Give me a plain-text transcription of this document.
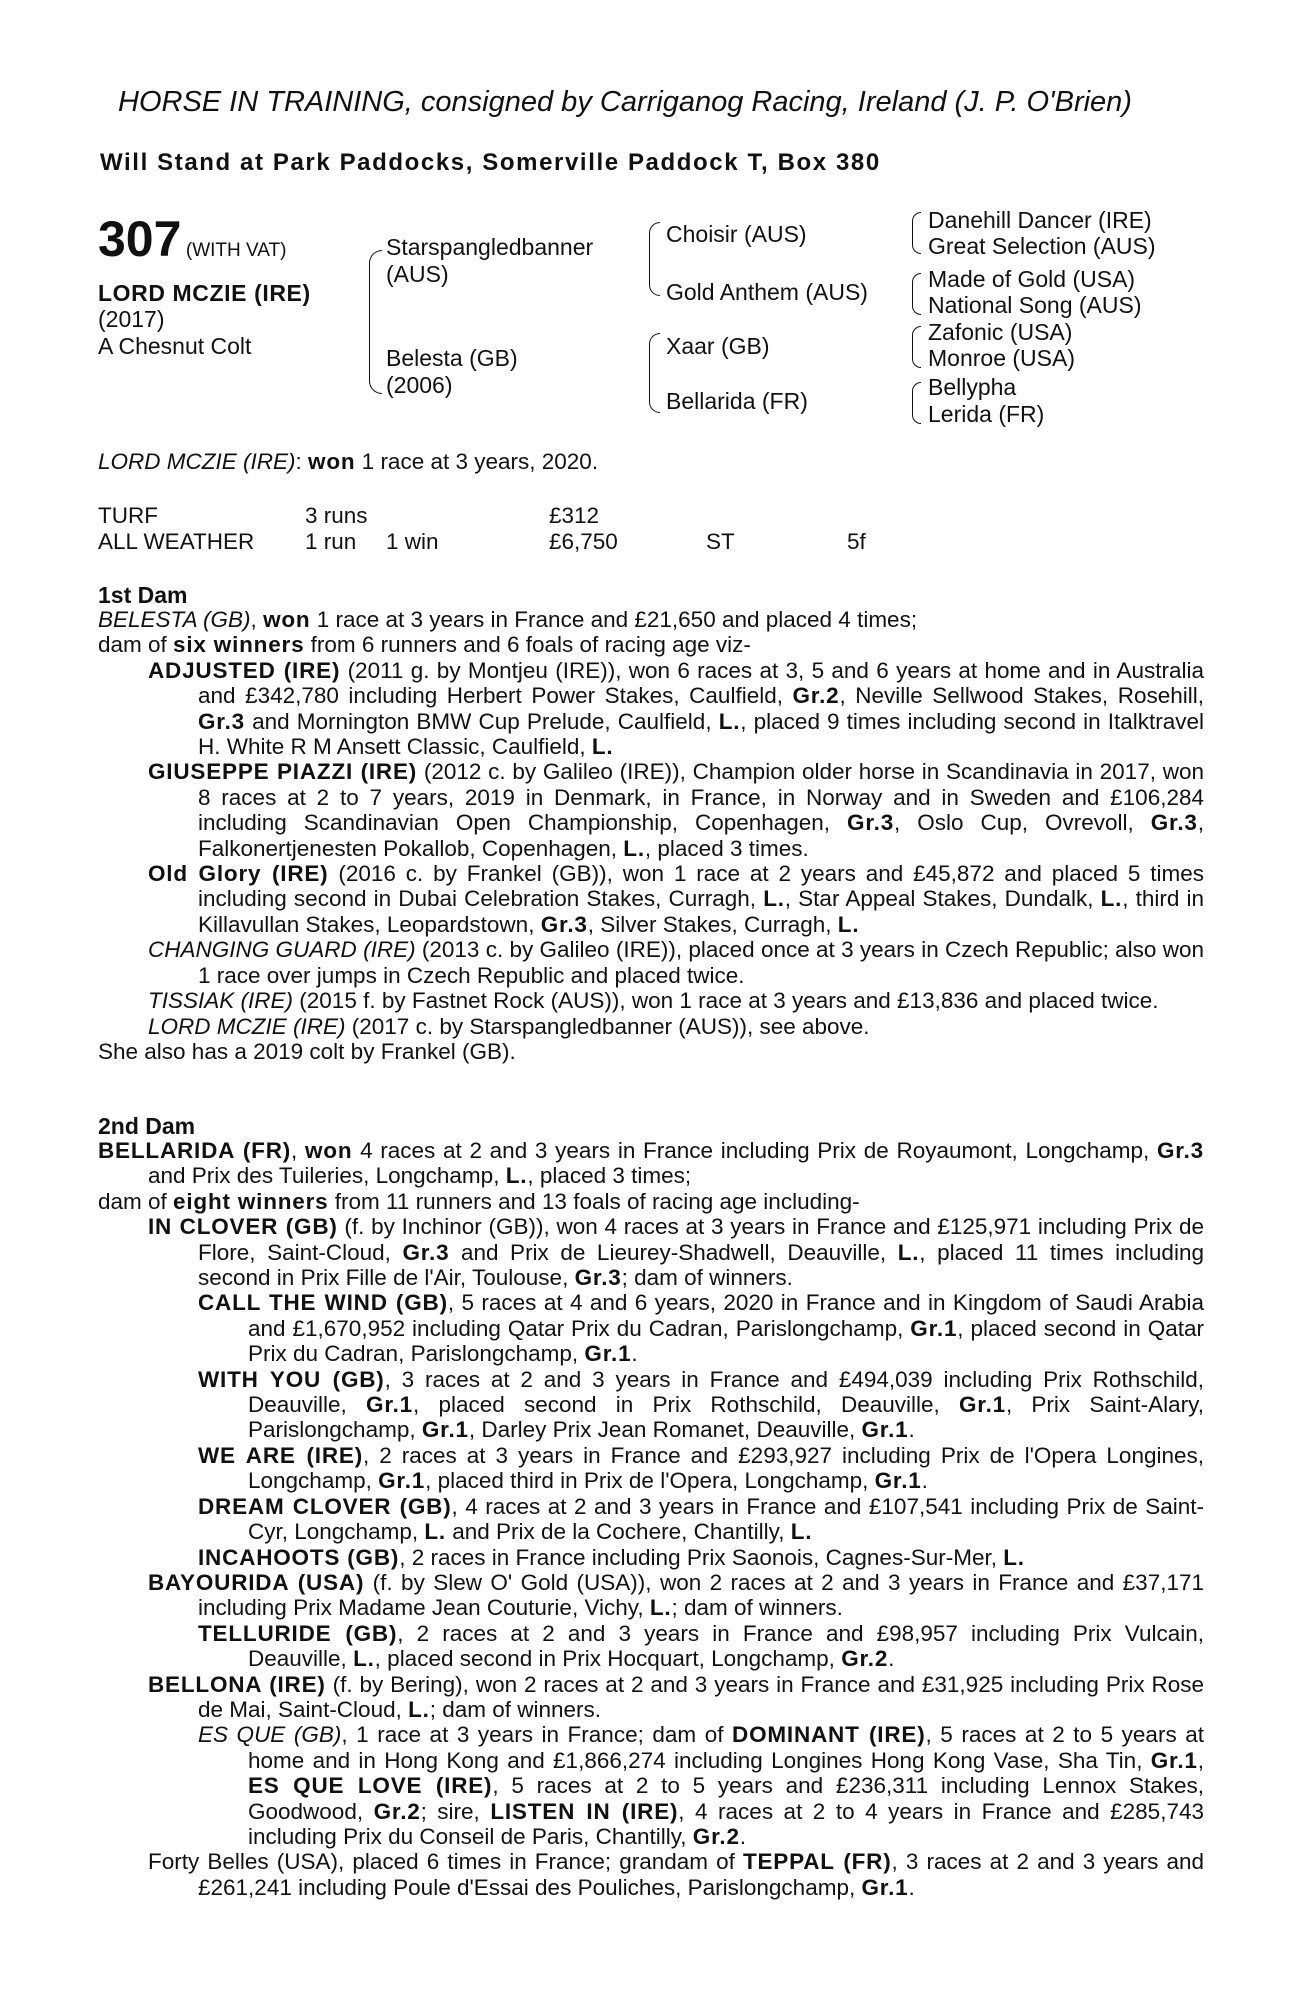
HORSE IN TRAINING, consigned by Carriganog Racing, Ireland (J. P. O'Brien)
Will Stand at Park Paddocks, Somerville Paddock T, Box 380
307 (WITH VAT)
LORD MCZIE (IRE)
(2017)
A Chesnut Colt
Starspangledbanner
(AUS)
Belesta (GB)
(2006)
Choisir (AUS)
Gold Anthem (AUS)
Xaar (GB)
Bellarida (FR)
Danehill Dancer (IRE)
Great Selection (AUS)
Made of Gold (USA)
National Song (AUS)
Zafonic (USA)
Monroe (USA)
Bellypha
Lerida (FR)
LORD MCZIE (IRE): won 1 race at 3 years, 2020.
TURF	3 runs	£312
ALL WEATHER 1 run 1 win	£6,750	ST	5f
1st Dam
BELESTA (GB), won 1 race at 3 years in France and £21,650 and placed 4 times;
dam of six winners from 6 runners and 6 foals of racing age viz-
ADJUSTED (IRE) (2011 g. by Montjeu (IRE)), won 6 races at 3, 5 and 6 years at home and in Australia and £342,780 including Herbert Power Stakes, Caulfield, Gr.2, Neville Sellwood Stakes, Rosehill, Gr.3 and Mornington BMW Cup Prelude, Caulfield, L., placed 9 times including second in Italktravel H. White R M Ansett Classic, Caulfield, L.
GIUSEPPE PIAZZI (IRE) (2012 c. by Galileo (IRE)), Champion older horse in Scandinavia in 2017, won 8 races at 2 to 7 years, 2019 in Denmark, in France, in Norway and in Sweden and £106,284 including Scandinavian Open Championship, Copenhagen, Gr.3, Oslo Cup, Ovrevoll, Gr.3, Falkonertjenesten Pokallob, Copenhagen, L., placed 3 times.
Old Glory (IRE) (2016 c. by Frankel (GB)), won 1 race at 2 years and £45,872 and placed 5 times including second in Dubai Celebration Stakes, Curragh, L., Star Appeal Stakes, Dundalk, L., third in Killavullan Stakes, Leopardstown, Gr.3, Silver Stakes, Curragh, L.
CHANGING GUARD (IRE) (2013 c. by Galileo (IRE)), placed once at 3 years in Czech Republic; also won 1 race over jumps in Czech Republic and placed twice.
TISSIAK (IRE) (2015 f. by Fastnet Rock (AUS)), won 1 race at 3 years and £13,836 and placed twice.
LORD MCZIE (IRE) (2017 c. by Starspangledbanner (AUS)), see above.
She also has a 2019 colt by Frankel (GB).
2nd Dam
BELLARIDA (FR), won 4 races at 2 and 3 years in France including Prix de Royaumont, Longchamp, Gr.3 and Prix des Tuileries, Longchamp, L., placed 3 times;
dam of eight winners from 11 runners and 13 foals of racing age including-
IN CLOVER (GB) (f. by Inchinor (GB)), won 4 races at 3 years in France and £125,971 including Prix de Flore, Saint-Cloud, Gr.3 and Prix de Lieurey-Shadwell, Deauville, L., placed 11 times including second in Prix Fille de l'Air, Toulouse, Gr.3; dam of winners.
CALL THE WIND (GB), 5 races at 4 and 6 years, 2020 in France and in Kingdom of Saudi Arabia and £1,670,952 including Qatar Prix du Cadran, Parislongchamp, Gr.1, placed second in Qatar Prix du Cadran, Parislongchamp, Gr.1.
WITH YOU (GB), 3 races at 2 and 3 years in France and £494,039 including Prix Rothschild, Deauville, Gr.1, placed second in Prix Rothschild, Deauville, Gr.1, Prix Saint-Alary, Parislongchamp, Gr.1, Darley Prix Jean Romanet, Deauville, Gr.1.
WE ARE (IRE), 2 races at 3 years in France and £293,927 including Prix de l'Opera Longines, Longchamp, Gr.1, placed third in Prix de l'Opera, Longchamp, Gr.1.
DREAM CLOVER (GB), 4 races at 2 and 3 years in France and £107,541 including Prix de Saint-Cyr, Longchamp, L. and Prix de la Cochere, Chantilly, L.
INCAHOOTS (GB), 2 races in France including Prix Saonois, Cagnes-Sur-Mer, L.
BAYOURIDA (USA) (f. by Slew O' Gold (USA)), won 2 races at 2 and 3 years in France and £37,171 including Prix Madame Jean Couturie, Vichy, L.; dam of winners.
TELLURIDE (GB), 2 races at 2 and 3 years in France and £98,957 including Prix Vulcain, Deauville, L., placed second in Prix Hocquart, Longchamp, Gr.2.
BELLONA (IRE) (f. by Bering), won 2 races at 2 and 3 years in France and £31,925 including Prix Rose de Mai, Saint-Cloud, L.; dam of winners.
ES QUE (GB), 1 race at 3 years in France; dam of DOMINANT (IRE), 5 races at 2 to 5 years at home and in Hong Kong and £1,866,274 including Longines Hong Kong Vase, Sha Tin, Gr.1, ES QUE LOVE (IRE), 5 races at 2 to 5 years and £236,311 including Lennox Stakes, Goodwood, Gr.2; sire, LISTEN IN (IRE), 4 races at 2 to 4 years in France and £285,743 including Prix du Conseil de Paris, Chantilly, Gr.2.
Forty Belles (USA), placed 6 times in France; grandam of TEPPAL (FR), 3 races at 2 and 3 years and £261,241 including Poule d'Essai des Pouliches, Parislongchamp, Gr.1.
